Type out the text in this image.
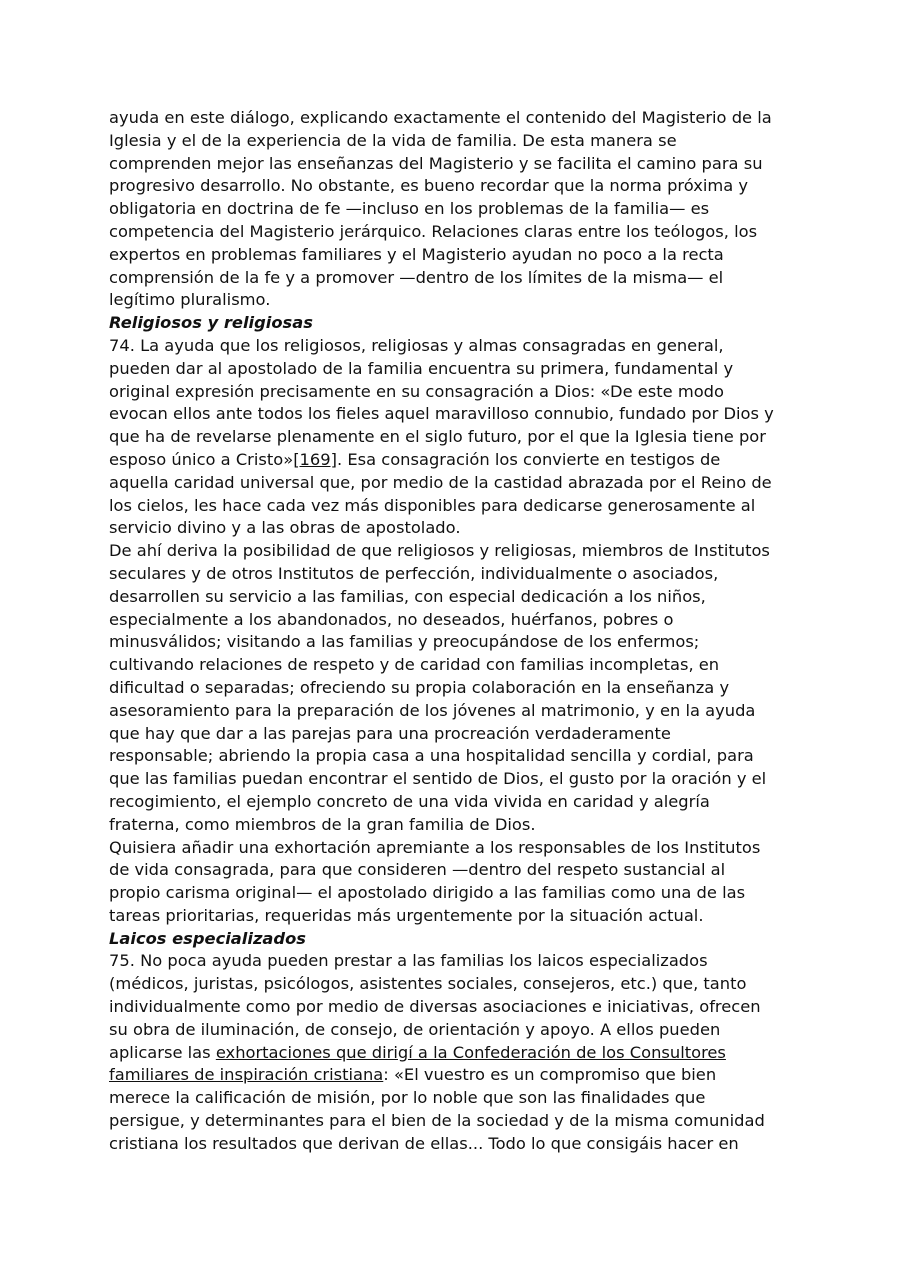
ayuda en este diálogo, explicando exactamente el contenido del Magisterio de la
Iglesia y el de la experiencia de la vida de familia. De esta manera se
comprenden mejor las enseñanzas del Magisterio y se facilita el camino para su
progresivo desarrollo. No obstante, es bueno recordar que la norma próxima y
obligatoria en doctrina de fe —incluso en los problemas de la familia— es
competencia del Magisterio jerárquico. Relaciones claras entre los teólogos, los
expertos en problemas familiares y el Magisterio ayudan no poco a la recta
comprensión de la fe y a promover —dentro de los límites de la misma— el
legítimo pluralismo.
Religiosos y religiosas
74. La ayuda que los religiosos, religiosas y almas consagradas en general,
pueden dar al apostolado de la familia encuentra su primera, fundamental y
original expresión precisamente en su consagración a Dios: «De este modo
evocan ellos ante todos los fieles aquel maravilloso connubio, fundado por Dios y
que ha de revelarse plenamente en el siglo futuro, por el que la Iglesia tiene por
esposo único a Cristo»[169]. Esa consagración los convierte en testigos de
aquella caridad universal que, por medio de la castidad abrazada por el Reino de
los cielos, les hace cada vez más disponibles para dedicarse generosamente al
servicio divino y a las obras de apostolado.
De ahí deriva la posibilidad de que religiosos y religiosas, miembros de Institutos
seculares y de otros Institutos de perfección, individualmente o asociados,
desarrollen su servicio a las familias, con especial dedicación a los niños,
especialmente a los abandonados, no deseados, huérfanos, pobres o
minusválidos; visitando a las familias y preocupándose de los enfermos;
cultivando relaciones de respeto y de caridad con familias incompletas, en
dificultad o separadas; ofreciendo su propia colaboración en la enseñanza y
asesoramiento para la preparación de los jóvenes al matrimonio, y en la ayuda
que hay que dar a las parejas para una procreación verdaderamente
responsable; abriendo la propia casa a una hospitalidad sencilla y cordial, para
que las familias puedan encontrar el sentido de Dios, el gusto por la oración y el
recogimiento, el ejemplo concreto de una vida vivida en caridad y alegría
fraterna, como miembros de la gran familia de Dios.
Quisiera añadir una exhortación apremiante a los responsables de los Institutos
de vida consagrada, para que consideren —dentro del respeto sustancial al
propio carisma original— el apostolado dirigido a las familias como una de las
tareas prioritarias, requeridas más urgentemente por la situación actual.
Laicos especializados
75. No poca ayuda pueden prestar a las familias los laicos especializados
(médicos, juristas, psicólogos, asistentes sociales, consejeros, etc.) que, tanto
individualmente como por medio de diversas asociaciones e iniciativas, ofrecen
su obra de iluminación, de consejo, de orientación y apoyo. A ellos pueden
aplicarse las exhortaciones que dirigí a la Confederación de los Consultores
familiares de inspiración cristiana: «El vuestro es un compromiso que bien
merece la calificación de misión, por lo noble que son las finalidades que
persigue, y determinantes para el bien de la sociedad y de la misma comunidad
cristiana los resultados que derivan de ellas... Todo lo que consigáis hacer en
